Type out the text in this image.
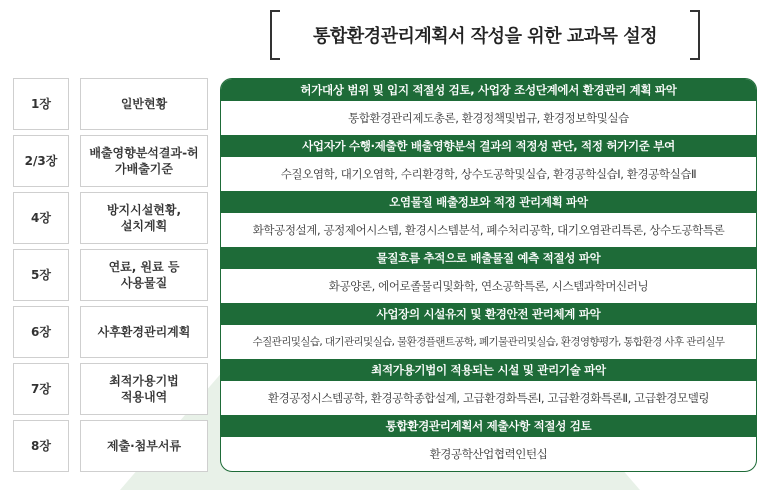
통합환경관리계획서 작성을 위한 교과목 설정
1장
2/3장
4장
5장
6장
7장
8장
일반현황
배출영향분석결과-허
가배출기준
방지시설현황,
설치계획
연료, 원료 등
사용물질
사후환경관리계획
최적가용기법
적용내역
제출·첨부서류
허가대상 범위 및 입지 적절성 검토, 사업장 조성단계에서 환경관리 계획 파악
통합환경관리제도총론, 환경정책및법규, 환경정보학및실습
사업자가 수행·제출한 배출영향분석 결과의 적정성 판단, 적정 허가기준 부여
수질오염학, 대기오염학, 수리환경학, 상수도공학및실습, 환경공학실습Ⅰ, 환경공학실습Ⅱ
오염물질 배출정보와 적정 관리계획 파악
화학공정설계, 공정제어시스템, 환경시스템분석, 폐수처리공학, 대기오염관리특론, 상수도공학특론
물질흐름 추적으로 배출물질 예측 적절성 파악
화공양론, 에어로졸물리및화학, 연소공학특론, 시스템과학머신러닝
사업장의 시설유지 및 환경안전 관리체계 파악
수질관리및실습, 대기관리및실습, 물환경플랜트공학, 폐기물관리및실습, 환경영향평가, 통합환경 사후 관리실무
최적가용기법이 적용되는 시설 및 관리기술 파악
환경공정시스템공학, 환경공학종합설계, 고급환경화특론Ⅰ, 고급환경화특론Ⅱ, 고급환경모델링
통합환경관리계획서 제출사항 적절성 검토
환경공학산업협력인턴십
